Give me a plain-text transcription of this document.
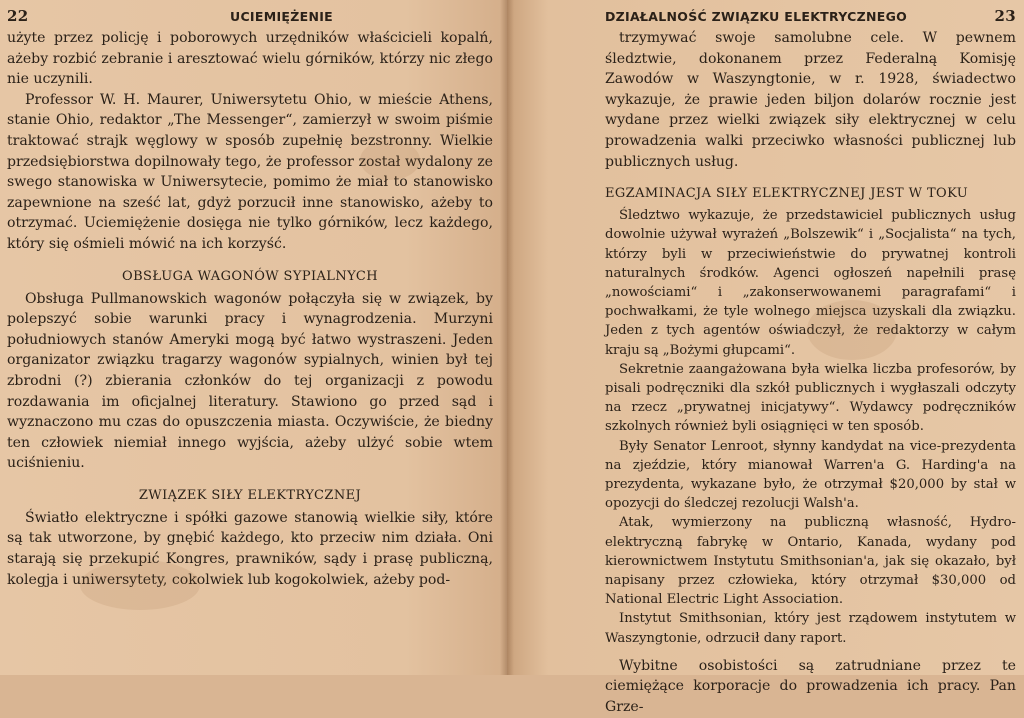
22	UCIEMIĘŻENIE

użyte przez policję i poborowych urzędników właścicieli kopalń, ażeby rozbić zebranie i aresztować wielu górników, którzy nic złego nie uczynili.

Professor W. H. Maurer, Uniwersytetu Ohio, w mieście Athens, stanie Ohio, redaktor „The Messenger“, zamierzył w swoim piśmie traktować strajk węglowy w sposób zupełnię bezstronny. Wielkie przedsiębiorstwa dopilnowały tego, że professor został wydalony ze swego stanowiska w Uniwersytecie, pomimo że miał to stanowisko zapewnione na sześć lat, gdyż porzucił inne stanowisko, ażeby to otrzymać. Uciemiężenie dosięga nie tylko górników, lecz każdego, który się ośmieli mówić na ich korzyść.

OBSŁUGA WAGONÓW SYPIALNYCH

Obsługa Pullmanowskich wagonów połączyła się w związek, by polepszyć sobie warunki pracy i wynagrodzenia. Murzyni południowych stanów Ameryki mogą być łatwo wystraszeni. Jeden organizator związku tragarzy wagonów sypialnych, winien był tej zbrodni (?) zbierania członków do tej organizacji z powodu rozdawania im oficjalnej literatury. Stawiono go przed sąd i wyznaczono mu czas do opuszczenia miasta. Oczywiście, że biedny ten człowiek niemiał innego wyjścia, ażeby ulżyć sobie wtem uciśnieniu.

ZWIĄZEK SIŁY ELEKTRYCZNEJ

Światło elektryczne i spółki gazowe stanowią wielkie siły, które są tak utworzone, by gnębić każdego, kto przeciw nim działa. Oni starają się przekupić Kongres, prawników, sądy i prasę publiczną, kolegja i uniwersytety, cokolwiek lub kogokolwiek, ażeby pod-

DZIAŁALNOŚĆ ZWIĄZKU ELEKTRYCZNEGO	23

trzymywać swoje samolubne cele. W pewnem śledztwie, dokonanem przez Federalną Komisję Zawodów w Waszyngtonie, w r. 1928, świadectwo wykazuje, że prawie jeden biljon dolarów rocznie jest wydane przez wielki związek siły elektrycznej w celu prowadzenia walki przeciwko własności publicznej lub publicznych usług.

EGZAMINACJA SIŁY ELEKTRYCZNEJ JEST W TOKU

Śledztwo wykazuje, że przedstawiciel publicznych usług dowolnie używał wyrażeń „Bolszewik“ i „Socjalista“ na tych, którzy byli w przeciwieństwie do prywatnej kontroli naturalnych środków. Agenci ogłoszeń napełnili prasę „nowościami“ i „zakonserwowanemi paragrafami“ i pochwałkami, że tyle wolnego miejsca uzyskali dla związku. Jeden z tych agentów oświadczył, że redaktorzy w całym kraju są „Bożymi głupcami“.

Sekretnie zaangażowana była wielka liczba profesorów, by pisali podręczniki dla szkół publicznych i wygłaszali odczyty na rzecz „prywatnej inicjatywy“. Wydawcy podręczników szkolnych również byli osiągnięci w ten sposób.

Były Senator Lenroot, słynny kandydat na vice-prezydenta na zjeździe, który mianował Warren'a G. Harding'a na prezydenta, wykazane było, że otrzymał $20,000 by stał w opozycji do śledczej rezolucji Walsh'a.

Atak, wymierzony na publiczną własność, Hydro-elektryczną fabrykę w Ontario, Kanada, wydany pod kierownictwem Instytutu Smithsonian'a, jak się okazało, był napisany przez człowieka, który otrzymał $30,000 od National Electric Light Association.

Instytut Smithsonian, który jest rządowem instytutem w Waszyngtonie, odrzucił dany raport.

Wybitne osobistości są zatrudniane przez te ciemiężące korporacje do prowadzenia ich pracy. Pan Grze-
